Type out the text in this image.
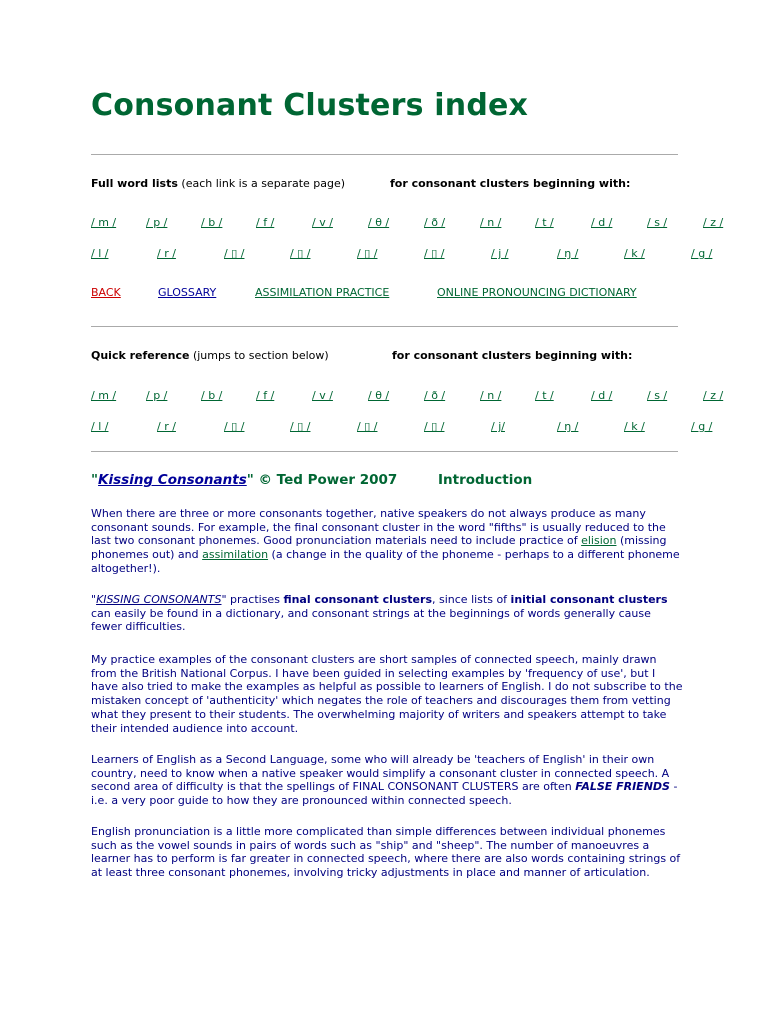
Consonant Clusters index
Full word lists (each link is a separate page)	for consonant clusters beginning with:
/ m /	/ p /	/ b /	/ f /	/ v /	/ θ /	/ ð /	/ n /	/ t /	/ d /	/ s /	/ z /
/ l /	/ r /	/ ▯ /	/ ▯ /	/ ▯ /	/ ▯ /	/ j /	/ ŋ /	/ k /	/ g /
BACK	GLOSSARY	ASSIMILATION PRACTICE	ONLINE PRONOUNCING DICTIONARY
Quick reference (jumps to section below)	for consonant clusters beginning with:
/ m /	/ p /	/ b /	/ f /	/ v /	/ θ /	/ ð /	/ n /	/ t /	/ d /	/ s /	/ z /
/ l /	/ r /	/ ▯ /	/ ▯ /	/ ▯ /	/ ▯ /	/ j/	/ ŋ /	/ k /	/ g /
"Kissing Consonants" © Ted Power 2007	Introduction

When there are three or more consonants together, native speakers do not always produce as many consonant sounds. For example, the final consonant cluster in the word "fifths" is usually reduced to the last two consonant phonemes. Good pronunciation materials need to include practice of elision (missing phonemes out) and assimilation (a change in the quality of the phoneme - perhaps to a different phoneme altogether!).

"KISSING CONSONANTS" practises final consonant clusters, since lists of initial consonant clusters can easily be found in a dictionary, and consonant strings at the beginnings of words generally cause fewer difficulties.

My practice examples of the consonant clusters are short samples of connected speech, mainly drawn from the British National Corpus. I have been guided in selecting examples by 'frequency of use', but I have also tried to make the examples as helpful as possible to learners of English. I do not subscribe to the mistaken concept of 'authenticity' which negates the role of teachers and discourages them from vetting what they present to their students. The overwhelming majority of writers and speakers attempt to take their intended audience into account.

Learners of English as a Second Language, some who will already be 'teachers of English' in their own country, need to know when a native speaker would simplify a consonant cluster in connected speech. A second area of difficulty is that the spellings of FINAL CONSONANT CLUSTERS are often FALSE FRIENDS - i.e. a very poor guide to how they are pronounced within connected speech.

English pronunciation is a little more complicated than simple differences between individual phonemes such as the vowel sounds in pairs of words such as "ship" and "sheep". The number of manoeuvres a learner has to perform is far greater in connected speech, where there are also words containing strings of at least three consonant phonemes, involving tricky adjustments in place and manner of articulation.
